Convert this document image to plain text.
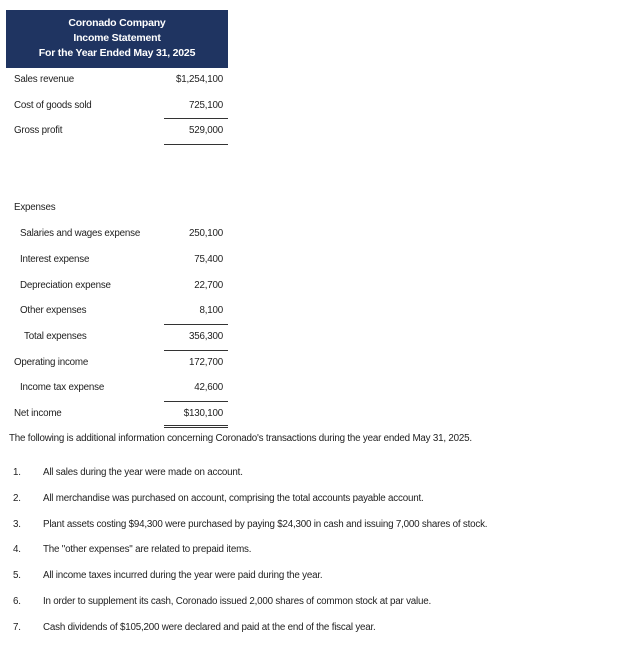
Coronado Company
Income Statement
For the Year Ended May 31, 2025
Sales revenue	$1,254,100
Cost of goods sold	725,100
Gross profit	529,000
Expenses
Salaries and wages expense	250,100
Interest expense	75,400
Depreciation expense	22,700
Other expenses	8,100
Total expenses	356,300
Operating income	172,700
Income tax expense	42,600
Net income	$130,100
The following is additional information concerning Coronado's transactions during the year ended May 31, 2025.
1. All sales during the year were made on account.
2. All merchandise was purchased on account, comprising the total accounts payable account.
3. Plant assets costing $94,300 were purchased by paying $24,300 in cash and issuing 7,000 shares of stock.
4. The "other expenses" are related to prepaid items.
5. All income taxes incurred during the year were paid during the year.
6. In order to supplement its cash, Coronado issued 2,000 shares of common stock at par value.
7. Cash dividends of $105,200 were declared and paid at the end of the fiscal year.
